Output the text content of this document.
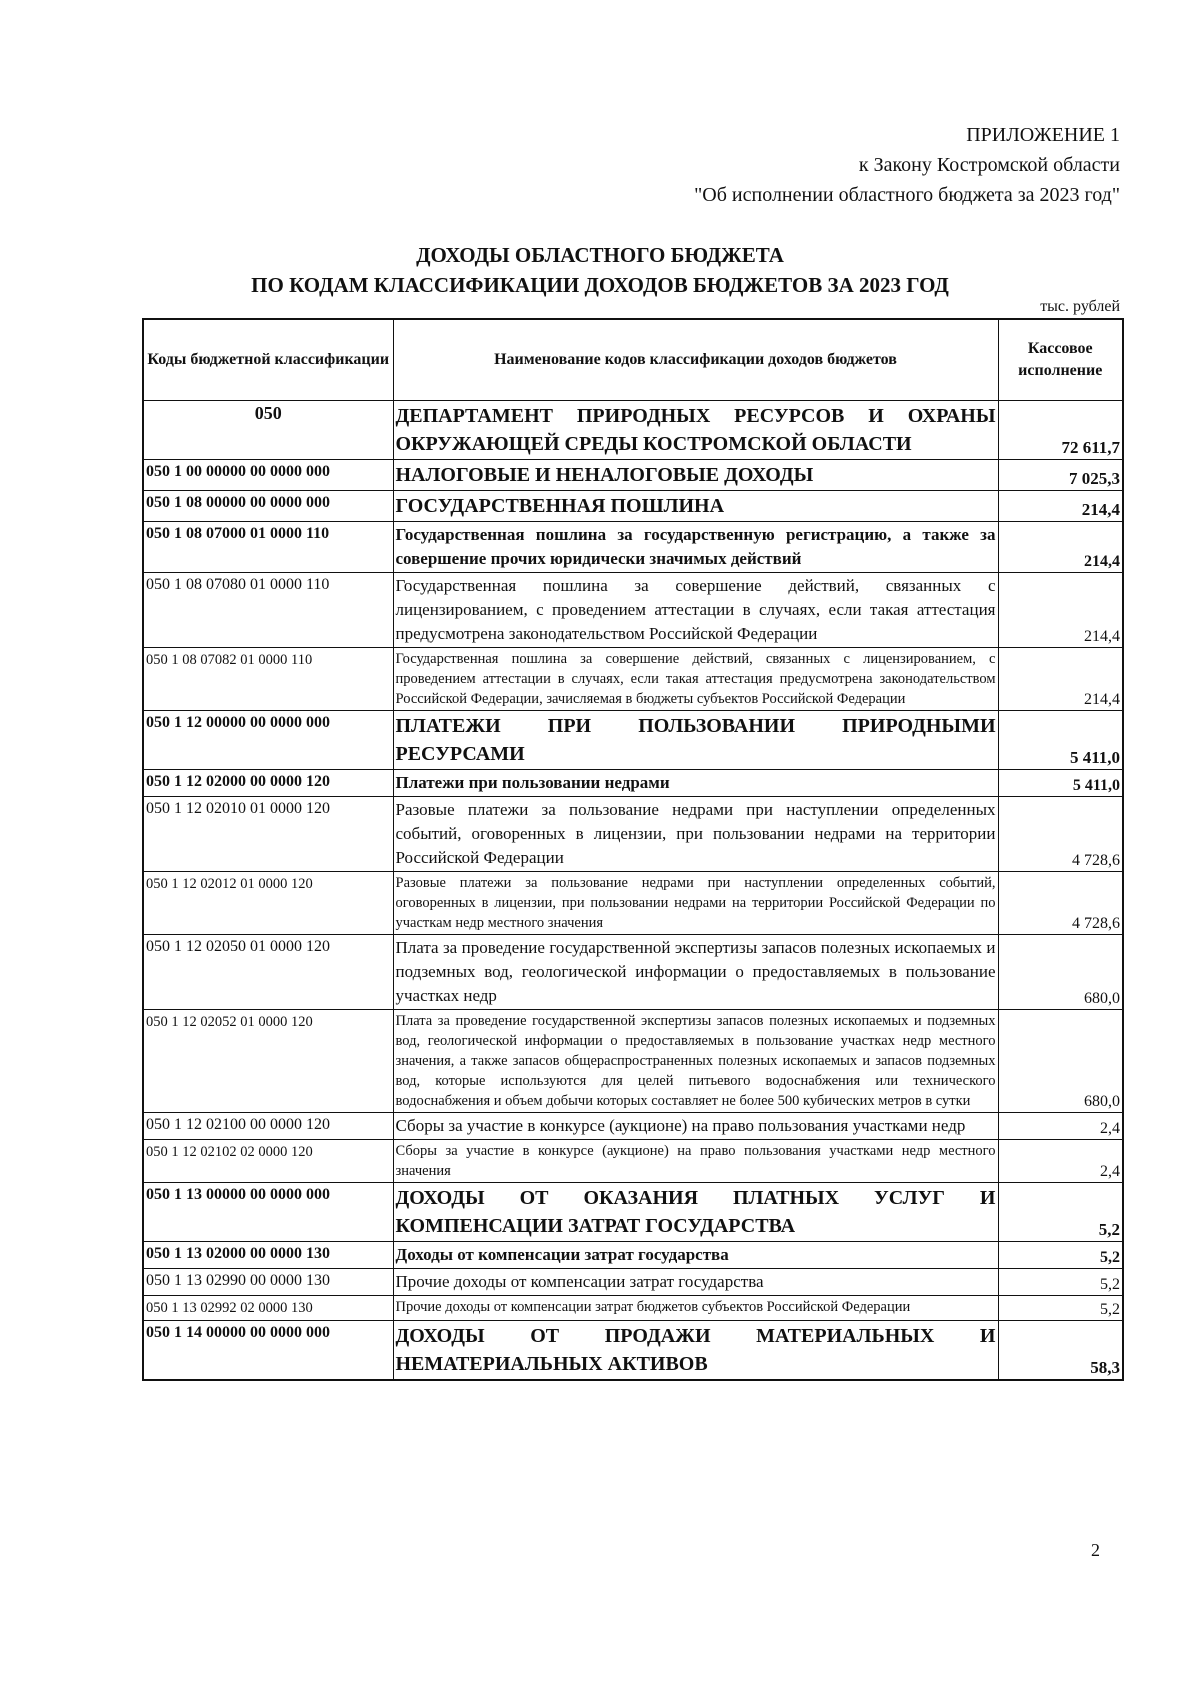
ПРИЛОЖЕНИЕ 1
к Закону Костромской области
"Об исполнении областного бюджета за 2023 год"
ДОХОДЫ ОБЛАСТНОГО БЮДЖЕТА
ПО КОДАМ КЛАССИФИКАЦИИ ДОХОДОВ БЮДЖЕТОВ ЗА 2023 ГОД
тыс. рублей
Коды бюджетной классификации	Наименование кодов классификации доходов бюджетов	Кассовое исполнение
050	ДЕПАРТАМЕНТ ПРИРОДНЫХ РЕСУРСОВ И ОХРАНЫ ОКРУЖАЮЩЕЙ СРЕДЫ КОСТРОМСКОЙ ОБЛАСТИ	72 611,7
050 1 00 00000 00 0000 000	НАЛОГОВЫЕ И НЕНАЛОГОВЫЕ ДОХОДЫ	7 025,3
050 1 08 00000 00 0000 000	ГОСУДАРСТВЕННАЯ ПОШЛИНА	214,4
050 1 08 07000 01 0000 110	Государственная пошлина за государственную регистрацию, а также за совершение прочих юридически значимых действий	214,4
050 1 08 07080 01 0000 110	Государственная пошлина за совершение действий, связанных с лицензированием, с проведением аттестации в случаях, если такая аттестация предусмотрена законодательством Российской Федерации	214,4
050 1 08 07082 01 0000 110	Государственная пошлина за совершение действий, связанных с лицензированием, с проведением аттестации в случаях, если такая аттестация предусмотрена законодательством Российской Федерации, зачисляемая в бюджеты субъектов Российской Федерации	214,4
050 1 12 00000 00 0000 000	ПЛАТЕЖИ ПРИ ПОЛЬЗОВАНИИ ПРИРОДНЫМИ РЕСУРСАМИ	5 411,0
050 1 12 02000 00 0000 120	Платежи при пользовании недрами	5 411,0
050 1 12 02010 01 0000 120	Разовые платежи за пользование недрами при наступлении определенных событий, оговоренных в лицензии, при пользовании недрами на территории Российской Федерации	4 728,6
050 1 12 02012 01 0000 120	Разовые платежи за пользование недрами при наступлении определенных событий, оговоренных в лицензии, при пользовании недрами на территории Российской Федерации по участкам недр местного значения	4 728,6
050 1 12 02050 01 0000 120	Плата за проведение государственной экспертизы запасов полезных ископаемых и подземных вод, геологической информации о предоставляемых в пользование участках недр	680,0
050 1 12 02052 01 0000 120	Плата за проведение государственной экспертизы запасов полезных ископаемых и подземных вод, геологической информации о предоставляемых в пользование участках недр местного значения, а также запасов общераспространенных полезных ископаемых и запасов подземных вод, которые используются для целей питьевого водоснабжения или технического водоснабжения и объем добычи которых составляет не более 500 кубических метров в сутки	680,0
050 1 12 02100 00 0000 120	Сборы за участие в конкурсе (аукционе) на право пользования участками недр	2,4
050 1 12 02102 02 0000 120	Сборы за участие в конкурсе (аукционе) на право пользования участками недр местного значения	2,4
050 1 13 00000 00 0000 000	ДОХОДЫ ОТ ОКАЗАНИЯ ПЛАТНЫХ УСЛУГ И КОМПЕНСАЦИИ ЗАТРАТ ГОСУДАРСТВА	5,2
050 1 13 02000 00 0000 130	Доходы от компенсации затрат государства	5,2
050 1 13 02990 00 0000 130	Прочие доходы от компенсации затрат государства	5,2
050 1 13 02992 02 0000 130	Прочие доходы от компенсации затрат бюджетов субъектов Российской Федерации	5,2
050 1 14 00000 00 0000 000	ДОХОДЫ ОТ ПРОДАЖИ МАТЕРИАЛЬНЫХ И НЕМАТЕРИАЛЬНЫХ АКТИВОВ	58,3
2
